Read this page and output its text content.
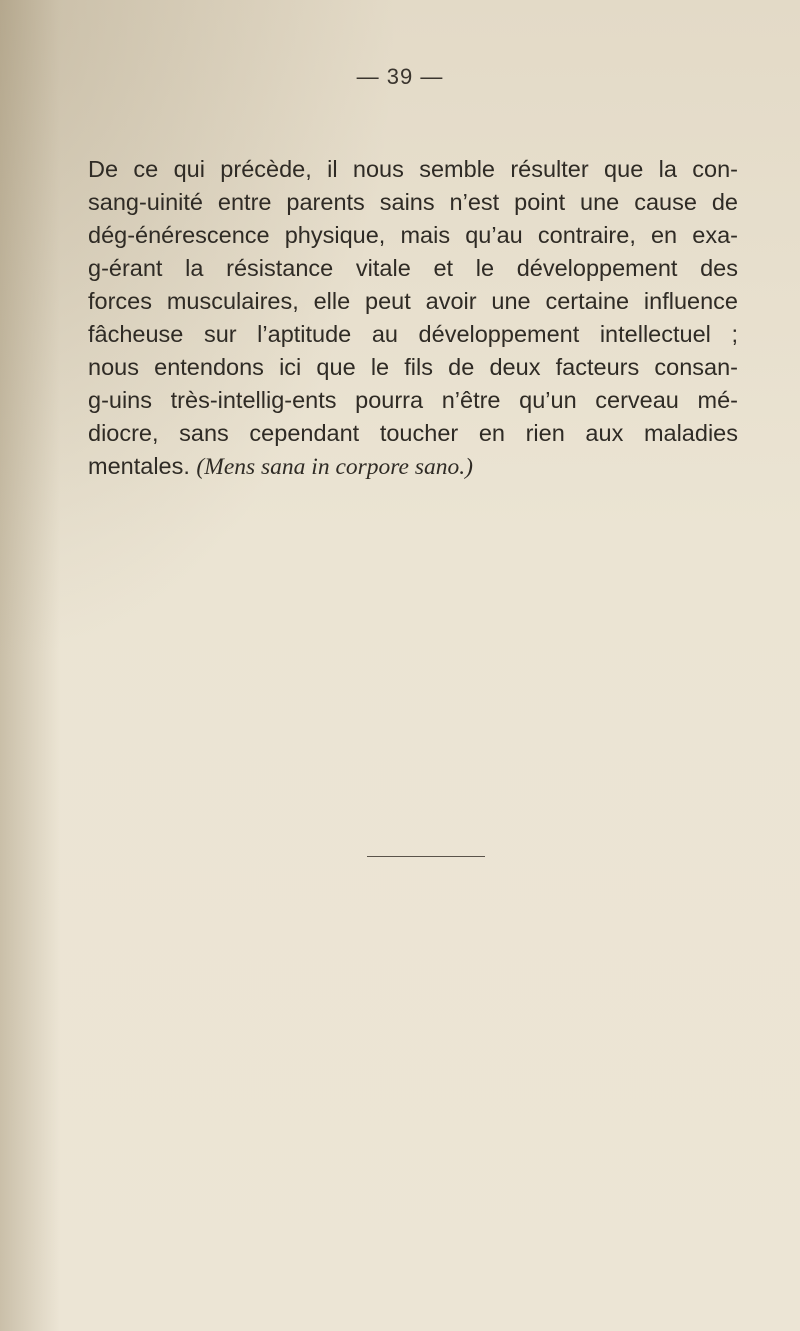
— 39 —
De ce qui précède, il nous semble résulter que la con-
sang-uinité entre parents sains n’est point une cause de
dég-énérescence physique, mais qu’au contraire, en exa-
g-érant la résistance vitale et le développement des
forces musculaires, elle peut avoir une certaine influence
fâcheuse sur l’aptitude au développement intellectuel ;
nous entendons ici que le fils de deux facteurs consan-
g-uins très-intellig-ents pourra n’être qu’un cerveau mé-
diocre, sans cependant toucher en rien aux maladies
mentales. (Mens sana in corpore sano.)
